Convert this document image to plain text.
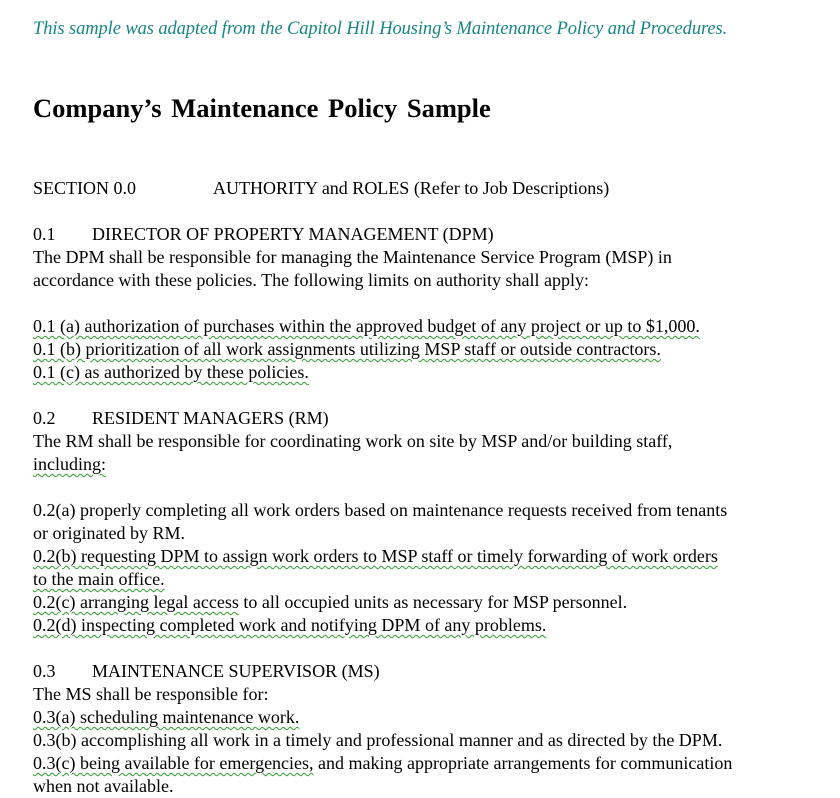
This sample was adapted from the Capitol Hill Housing’s Maintenance Policy and Procedures.
Company’s Maintenance Policy Sample
SECTION 0.0	AUTHORITY and ROLES (Refer to Job Descriptions)
0.1 DIRECTOR OF PROPERTY MANAGEMENT (DPM)
The DPM shall be responsible for managing the Maintenance Service Program (MSP) in
accordance with these policies. The following limits on authority shall apply:
0.1 (a) authorization of purchases within the approved budget of any project or up to $1,000.
0.1 (b) prioritization of all work assignments utilizing MSP staff or outside contractors.
0.1 (c) as authorized by these policies.
0.2 RESIDENT MANAGERS (RM)
The RM shall be responsible for coordinating work on site by MSP and/or building staff,
including:
0.2(a) properly completing all work orders based on maintenance requests received from tenants
or originated by RM.
0.2(b) requesting DPM to assign work orders to MSP staff or timely forwarding of work orders
to the main office.
0.2(c) arranging legal access to all occupied units as necessary for MSP personnel.
0.2(d) inspecting completed work and notifying DPM of any problems.
0.3 MAINTENANCE SUPERVISOR (MS)
The MS shall be responsible for:
0.3(a) scheduling maintenance work.
0.3(b) accomplishing all work in a timely and professional manner and as directed by the DPM.
0.3(c) being available for emergencies, and making appropriate arrangements for communication
when not available.
